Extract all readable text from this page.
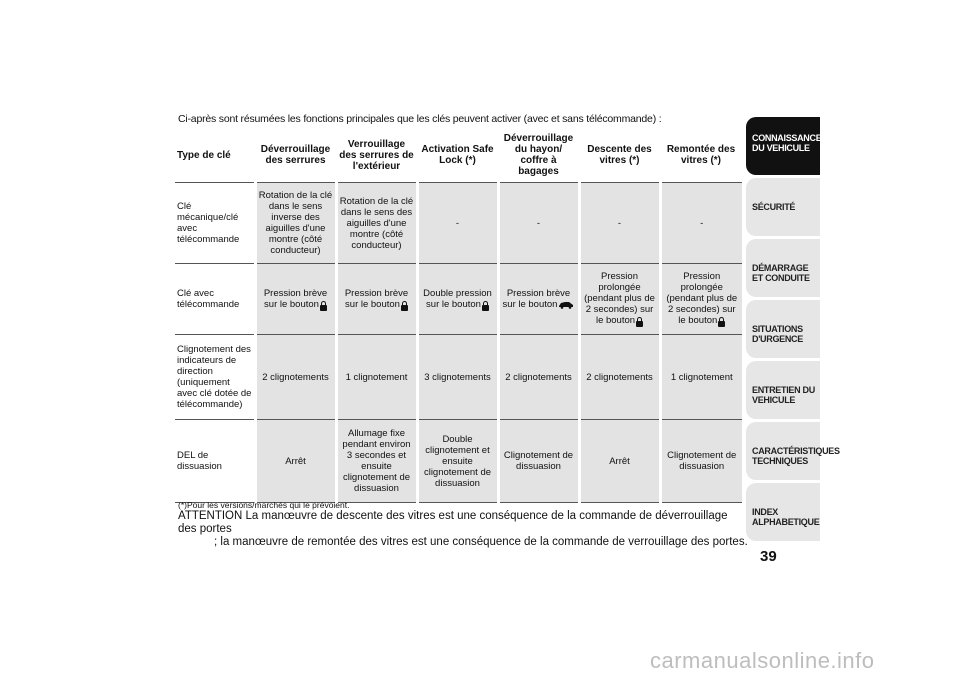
Ci-après sont résumées les fonctions principales que les clés peuvent activer (avec et sans télécommande) :
Type de clé	Déverrouillage des serrures	Verrouillage des serrures de l'extérieur	Activation Safe Lock (*)	Déverrouillage du hayon/ coffre à bagages	Descente des vitres (*)	Remontée des vitres (*)
Clé mécanique/clé avec télécommande	Rotation de la clé dans le sens inverse des aiguilles d'une montre (côté conducteur)	Rotation de la clé dans le sens des aiguilles d'une montre (côté conducteur)	-	-	-	-
Clé avec télécommande	Pression brève sur le bouton	Pression brève sur le bouton	Double pression sur le bouton	Pression brève sur le bouton	Pression prolongée (pendant plus de 2 secondes) sur le bouton	Pression prolongée (pendant plus de 2 secondes) sur le bouton
Clignotement des indicateurs de direction (uniquement avec clé dotée de télécommande)	2 clignotements	1 clignotement	3 clignotements	2 clignotements	2 clignotements	1 clignotement
DEL de dissuasion	Arrêt	Allumage fixe pendant environ 3 secondes et ensuite clignotement de dissuasion	Double clignotement et ensuite clignotement de dissuasion	Clignotement de dissuasion	Arrêt	Clignotement de dissuasion
(*)Pour les versions/marchés qui le prévoient.
ATTENTION La manœuvre de descente des vitres est une conséquence de la commande de déverrouillage des portes
; la manœuvre de remontée des vitres est une conséquence de la commande de verrouillage des portes.
CONNAISSANCE DU VEHICULE
SÉCURITÉ
DÉMARRAGE ET CONDUITE
SITUATIONS D'URGENCE
ENTRETIEN DU VEHICULE
CARACTÉRISTIQUES TECHNIQUES
INDEX ALPHABETIQUE
39
carmanualsonline.info
